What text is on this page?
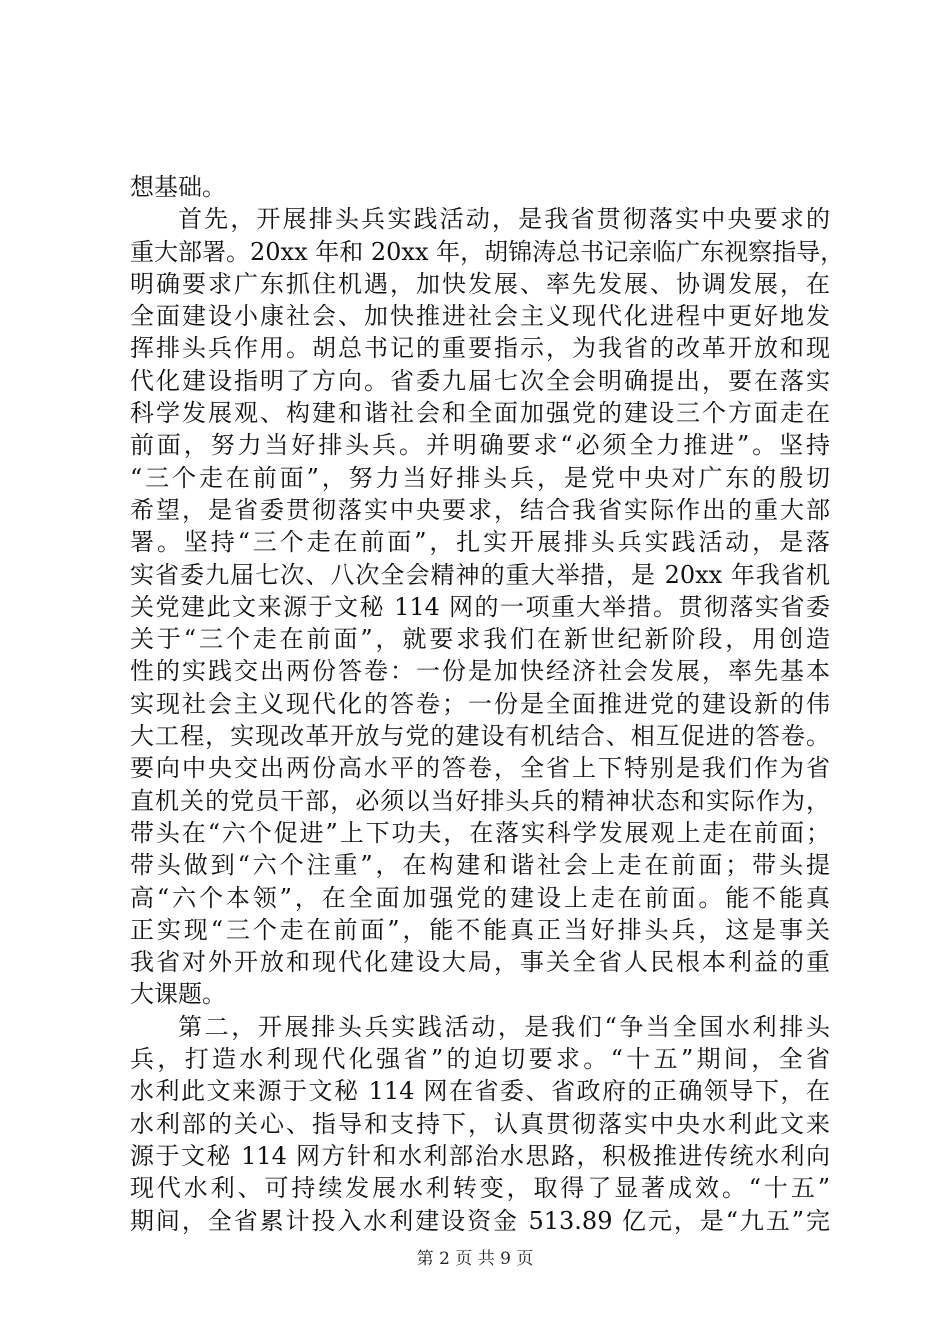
想基础。
首先，开展排头兵实践活动，是我省贯彻落实中央要求的
重大部署。20xx 年和 20xx 年，胡锦涛总书记亲临广东视察指导，
明确要求广东抓住机遇，加快发展、率先发展、协调发展，在
全面建设小康社会、加快推进社会主义现代化进程中更好地发
挥排头兵作用。胡总书记的重要指示，为我省的改革开放和现
代化建设指明了方向。省委九届七次全会明确提出，要在落实
科学发展观、构建和谐社会和全面加强党的建设三个方面走在
前面，努力当好排头兵。并明确要求“必须全力推进”。坚持
“三个走在前面”，努力当好排头兵，是党中央对广东的殷切
希望，是省委贯彻落实中央要求，结合我省实际作出的重大部
署。坚持“三个走在前面”，扎实开展排头兵实践活动，是落
实省委九届七次、八次全会精神的重大举措，是 20xx 年我省机
关党建此文来源于文秘 114 网的一项重大举措。贯彻落实省委
关于“三个走在前面”，就要求我们在新世纪新阶段，用创造
性的实践交出两份答卷：一份是加快经济社会发展，率先基本
实现社会主义现代化的答卷；一份是全面推进党的建设新的伟
大工程，实现改革开放与党的建设有机结合、相互促进的答卷。
要向中央交出两份高水平的答卷，全省上下特别是我们作为省
直机关的党员干部，必须以当好排头兵的精神状态和实际作为，
带头在“六个促进”上下功夫，在落实科学发展观上走在前面；
带头做到“六个注重”，在构建和谐社会上走在前面；带头提
高“六个本领”，在全面加强党的建设上走在前面。能不能真
正实现“三个走在前面”，能不能真正当好排头兵，这是事关
我省对外开放和现代化建设大局，事关全省人民根本利益的重
大课题。
第二，开展排头兵实践活动，是我们“争当全国水利排头
兵，打造水利现代化强省”的迫切要求。“十五”期间，全省
水利此文来源于文秘 114 网在省委、省政府的正确领导下，在
水利部的关心、指导和支持下，认真贯彻落实中央水利此文来
源于文秘 114 网方针和水利部治水思路，积极推进传统水利向
现代水利、可持续发展水利转变，取得了显著成效。“十五”
期间，全省累计投入水利建设资金 513.89 亿元，是“九五”完
第 2 页 共 9 页
